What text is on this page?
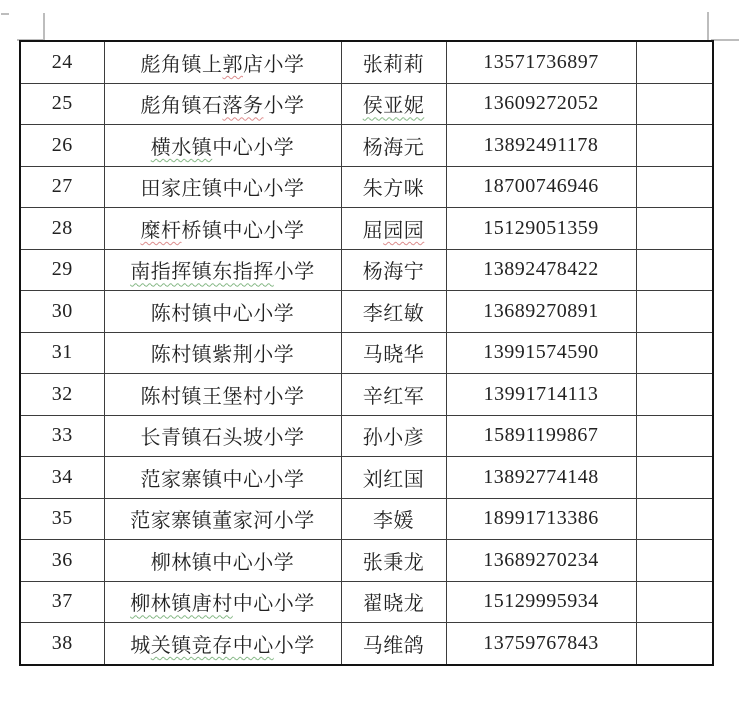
24	彪角镇上郭店小学	张莉莉	13571736897	
25	彪角镇石落务小学	侯亚妮	13609272052	
26	横水镇中心小学	杨海元	13892491178	
27	田家庄镇中心小学	朱方咪	18700746946	
28	糜杆桥镇中心小学	屈园园	15129051359	
29	南指挥镇东指挥小学	杨海宁	13892478422	
30	陈村镇中心小学	李红敏	13689270891	
31	陈村镇紫荆小学	马晓华	13991574590	
32	陈村镇王堡村小学	辛红军	13991714113	
33	长青镇石头坡小学	孙小彦	15891199867	
34	范家寨镇中心小学	刘红国	13892774148	
35	范家寨镇董家河小学	李媛	18991713386	
36	柳林镇中心小学	张秉龙	13689270234	
37	柳林镇唐村中心小学	翟晓龙	15129995934	
38	城关镇竞存中心小学	马维鸽	13759767843	
